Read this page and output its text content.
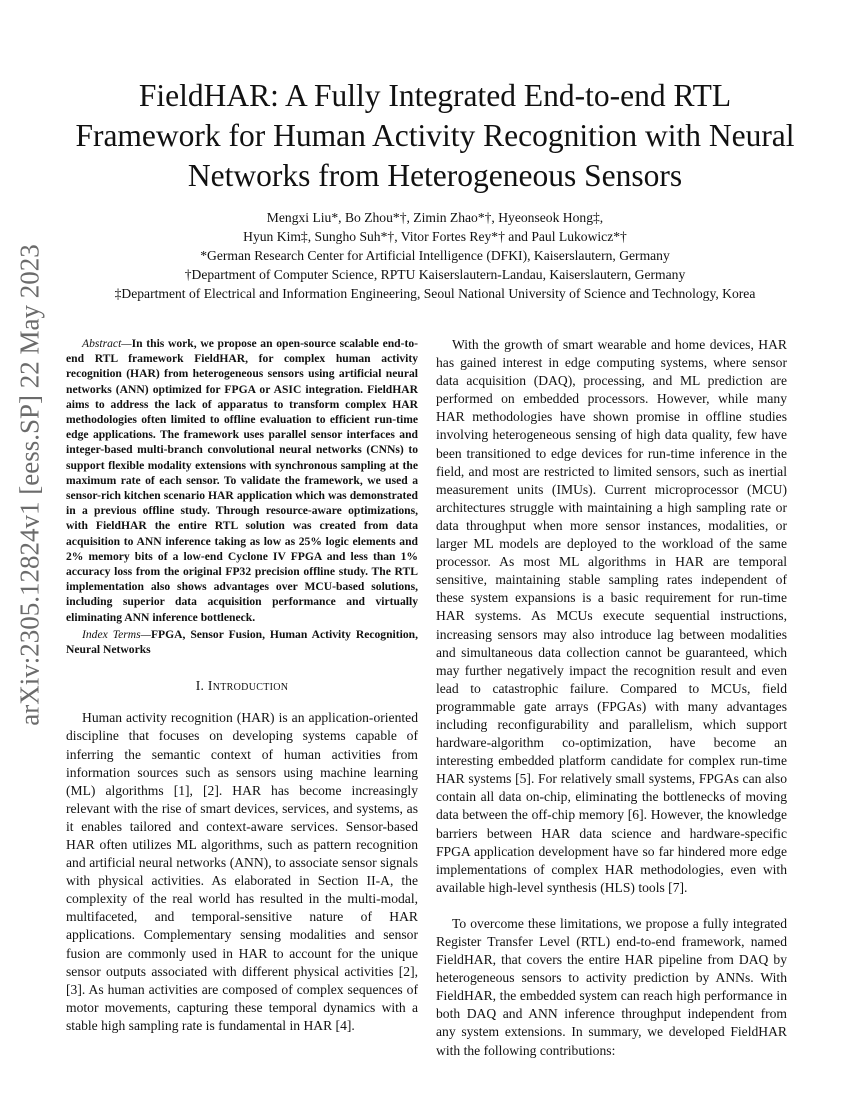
arXiv:2305.12824v1 [eess.SP] 22 May 2023
FieldHAR: A Fully Integrated End-to-end RTL Framework for Human Activity Recognition with Neural Networks from Heterogeneous Sensors
Mengxi Liu*, Bo Zhou*†, Zimin Zhao*†, Hyeonseok Hong‡,
Hyun Kim‡, Sungho Suh*†, Vitor Fortes Rey*† and Paul Lukowicz*†
*German Research Center for Artificial Intelligence (DFKI), Kaiserslautern, Germany
†Department of Computer Science, RPTU Kaiserslautern-Landau, Kaiserslautern, Germany
‡Department of Electrical and Information Engineering, Seoul National University of Science and Technology, Korea

Abstract—In this work, we propose an open-source scalable end-to-end RTL framework FieldHAR, for complex human activity recognition (HAR) from heterogeneous sensors using artificial neural networks (ANN) optimized for FPGA or ASIC integration. FieldHAR aims to address the lack of apparatus to transform complex HAR methodologies often limited to offline evaluation to efficient run-time edge applications. The framework uses parallel sensor interfaces and integer-based multi-branch convolutional neural networks (CNNs) to support flexible modality extensions with synchronous sampling at the maximum rate of each sensor. To validate the framework, we used a sensor-rich kitchen scenario HAR application which was demonstrated in a previous offline study. Through resource-aware optimizations, with FieldHAR the entire RTL solution was created from data acquisition to ANN inference taking as low as 25% logic elements and 2% memory bits of a low-end Cyclone IV FPGA and less than 1% accuracy loss from the original FP32 precision offline study. The RTL implementation also shows advantages over MCU-based solutions, including superior data acquisition performance and virtually eliminating ANN inference bottleneck.

Index Terms—FPGA, Sensor Fusion, Human Activity Recognition, Neural Networks

I. Introduction

Human activity recognition (HAR) is an application-oriented discipline that focuses on developing systems capable of inferring the semantic context of human activities from information sources such as sensors using machine learning (ML) algorithms [1], [2]. HAR has become increasingly relevant with the rise of smart devices, services, and systems, as it enables tailored and context-aware services. Sensor-based HAR often utilizes ML algorithms, such as pattern recognition and artificial neural networks (ANN), to associate sensor signals with physical activities. As elaborated in Section II-A, the complexity of the real world has resulted in the multi-modal, multifaceted, and temporal-sensitive nature of HAR applications. Complementary sensing modalities and sensor fusion are commonly used in HAR to account for the unique sensor outputs associated with different physical activities [2], [3]. As human activities are composed of complex sequences of motor movements, capturing these temporal dynamics with a stable high sampling rate is fundamental in HAR [4].

With the growth of smart wearable and home devices, HAR has gained interest in edge computing systems, where sensor data acquisition (DAQ), processing, and ML prediction are performed on embedded processors. However, while many HAR methodologies have shown promise in offline studies involving heterogeneous sensing of high data quality, few have been transitioned to edge devices for run-time inference in the field, and most are restricted to limited sensors, such as inertial measurement units (IMUs). Current microprocessor (MCU) architectures struggle with maintaining a high sampling rate or data throughput when more sensor instances, modalities, or larger ML models are deployed to the workload of the same processor. As most ML algorithms in HAR are temporal sensitive, maintaining stable sampling rates independent of these system expansions is a basic requirement for run-time HAR systems. As MCUs execute sequential instructions, increasing sensors may also introduce lag between modalities and simultaneous data collection cannot be guaranteed, which may further negatively impact the recognition result and even lead to catastrophic failure. Compared to MCUs, field programmable gate arrays (FPGAs) with many advantages including reconfigurability and parallelism, which support hardware-algorithm co-optimization, have become an interesting embedded platform candidate for complex run-time HAR systems [5]. For relatively small systems, FPGAs can also contain all data on-chip, eliminating the bottlenecks of moving data between the off-chip memory [6]. However, the knowledge barriers between HAR data science and hardware-specific FPGA application development have so far hindered more edge implementations of complex HAR methodologies, even with available high-level synthesis (HLS) tools [7].

To overcome these limitations, we propose a fully integrated Register Transfer Level (RTL) end-to-end framework, named FieldHAR, that covers the entire HAR pipeline from DAQ by heterogeneous sensors to activity prediction by ANNs. With FieldHAR, the embedded system can reach high performance in both DAQ and ANN inference throughput independent from any system extensions. In summary, we developed FieldHAR with the following contributions:
